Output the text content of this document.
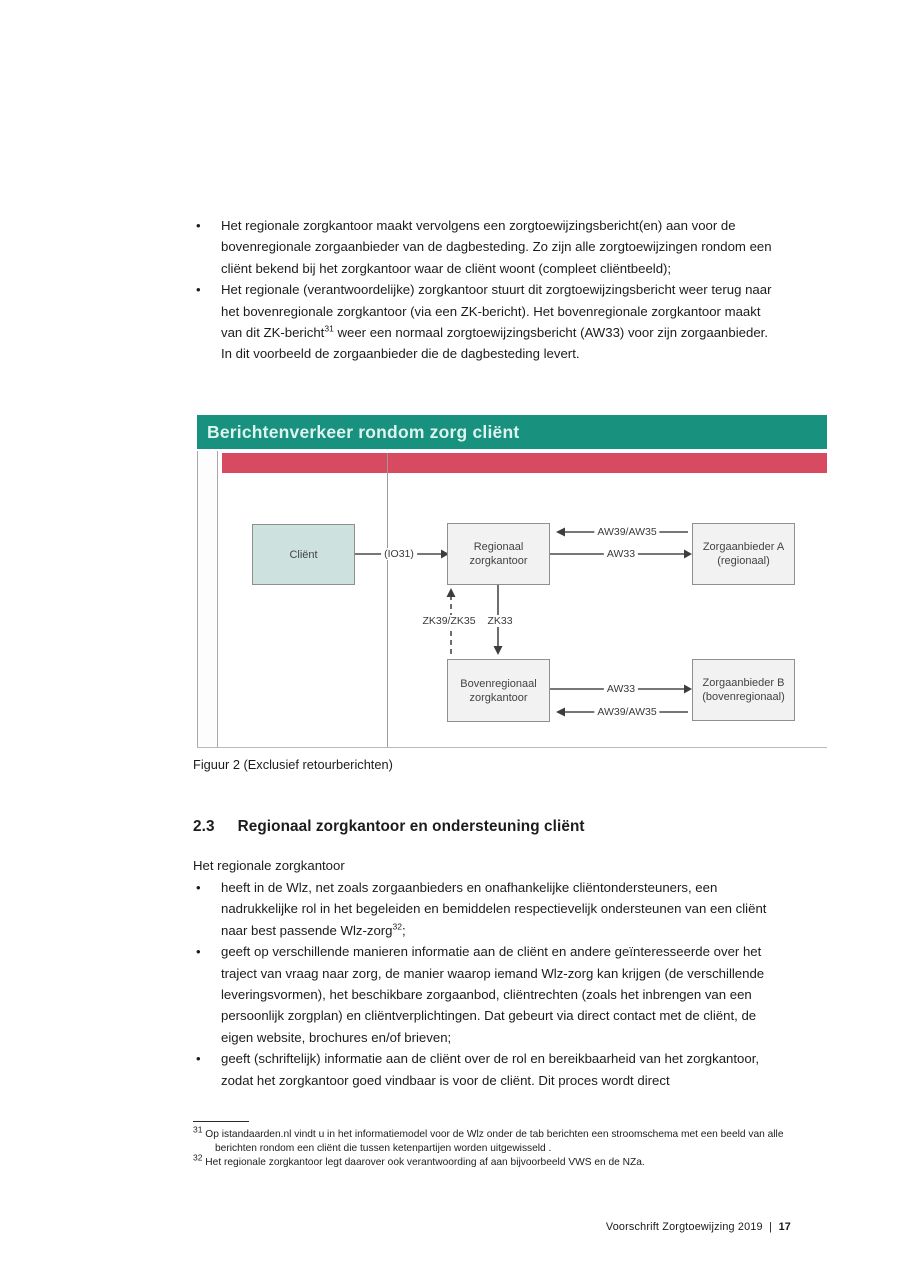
• Het regionale zorgkantoor maakt vervolgens een zorgtoewijzingsbericht(en) aan voor de bovenregionale zorgaanbieder van de dagbesteding. Zo zijn alle zorgtoewijzingen rondom een cliënt bekend bij het zorgkantoor waar de cliënt woont (compleet cliëntbeeld);
• Het regionale (verantwoordelijke) zorgkantoor stuurt dit zorgtoewijzingsbericht weer terug naar het bovenregionale zorgkantoor (via een ZK-bericht). Het bovenregionale zorgkantoor maakt van dit ZK-bericht$^{31}$ weer een normaal zorgtoewijzingsbericht (AW33) voor zijn zorgaanbieder. In dit voorbeeld de zorgaanbieder die de dagbesteding levert.
Berichtenverkeer rondom zorg cliënt
Cliënt
Regionaal
zorgkantoor
Zorgaanbieder A
(regionaal)
Bovenregionaal
zorgkantoor
Zorgaanbieder B
(bovenregionaal)
(IO31)
AW39/AW35
AW33
ZK39/ZK35 ZK33
AW33
AW39/AW35
Figuur 2 (Exclusief retourberichten)
2.3 Regionaal zorgkantoor en ondersteuning cliënt
Het regionale zorgkantoor
• heeft in de Wlz, net zoals zorgaanbieders en onafhankelijke cliëntondersteuners, een nadrukkelijke rol in het begeleiden en bemiddelen respectievelijk ondersteunen van een cliënt naar best passende Wlz-zorg$^{32}$;
• geeft op verschillende manieren informatie aan de cliënt en andere geïnteresseerde over het traject van vraag naar zorg, de manier waarop iemand Wlz-zorg kan krijgen (de verschillende leveringsvormen), het beschikbare zorgaanbod, cliëntrechten (zoals het inbrengen van een persoonlijk zorgplan) en cliëntverplichtingen. Dat gebeurt via direct contact met de cliënt, de eigen website, brochures en/of brieven;
• geeft (schriftelijk) informatie aan de cliënt over de rol en bereikbaarheid van het zorgkantoor, zodat het zorgkantoor goed vindbaar is voor de cliënt. Dit proces wordt direct
$^{31}$ Op istandaarden.nl vindt u in het informatiemodel voor de Wlz onder de tab berichten een stroomschema met een beeld van alle berichten rondom een cliënt die tussen ketenpartijen worden uitgewisseld .
$^{32}$ Het regionale zorgkantoor legt daarover ook verantwoording af aan bijvoorbeeld VWS en de NZa.
Voorschrift Zorgtoewijzing 2019 | 17
